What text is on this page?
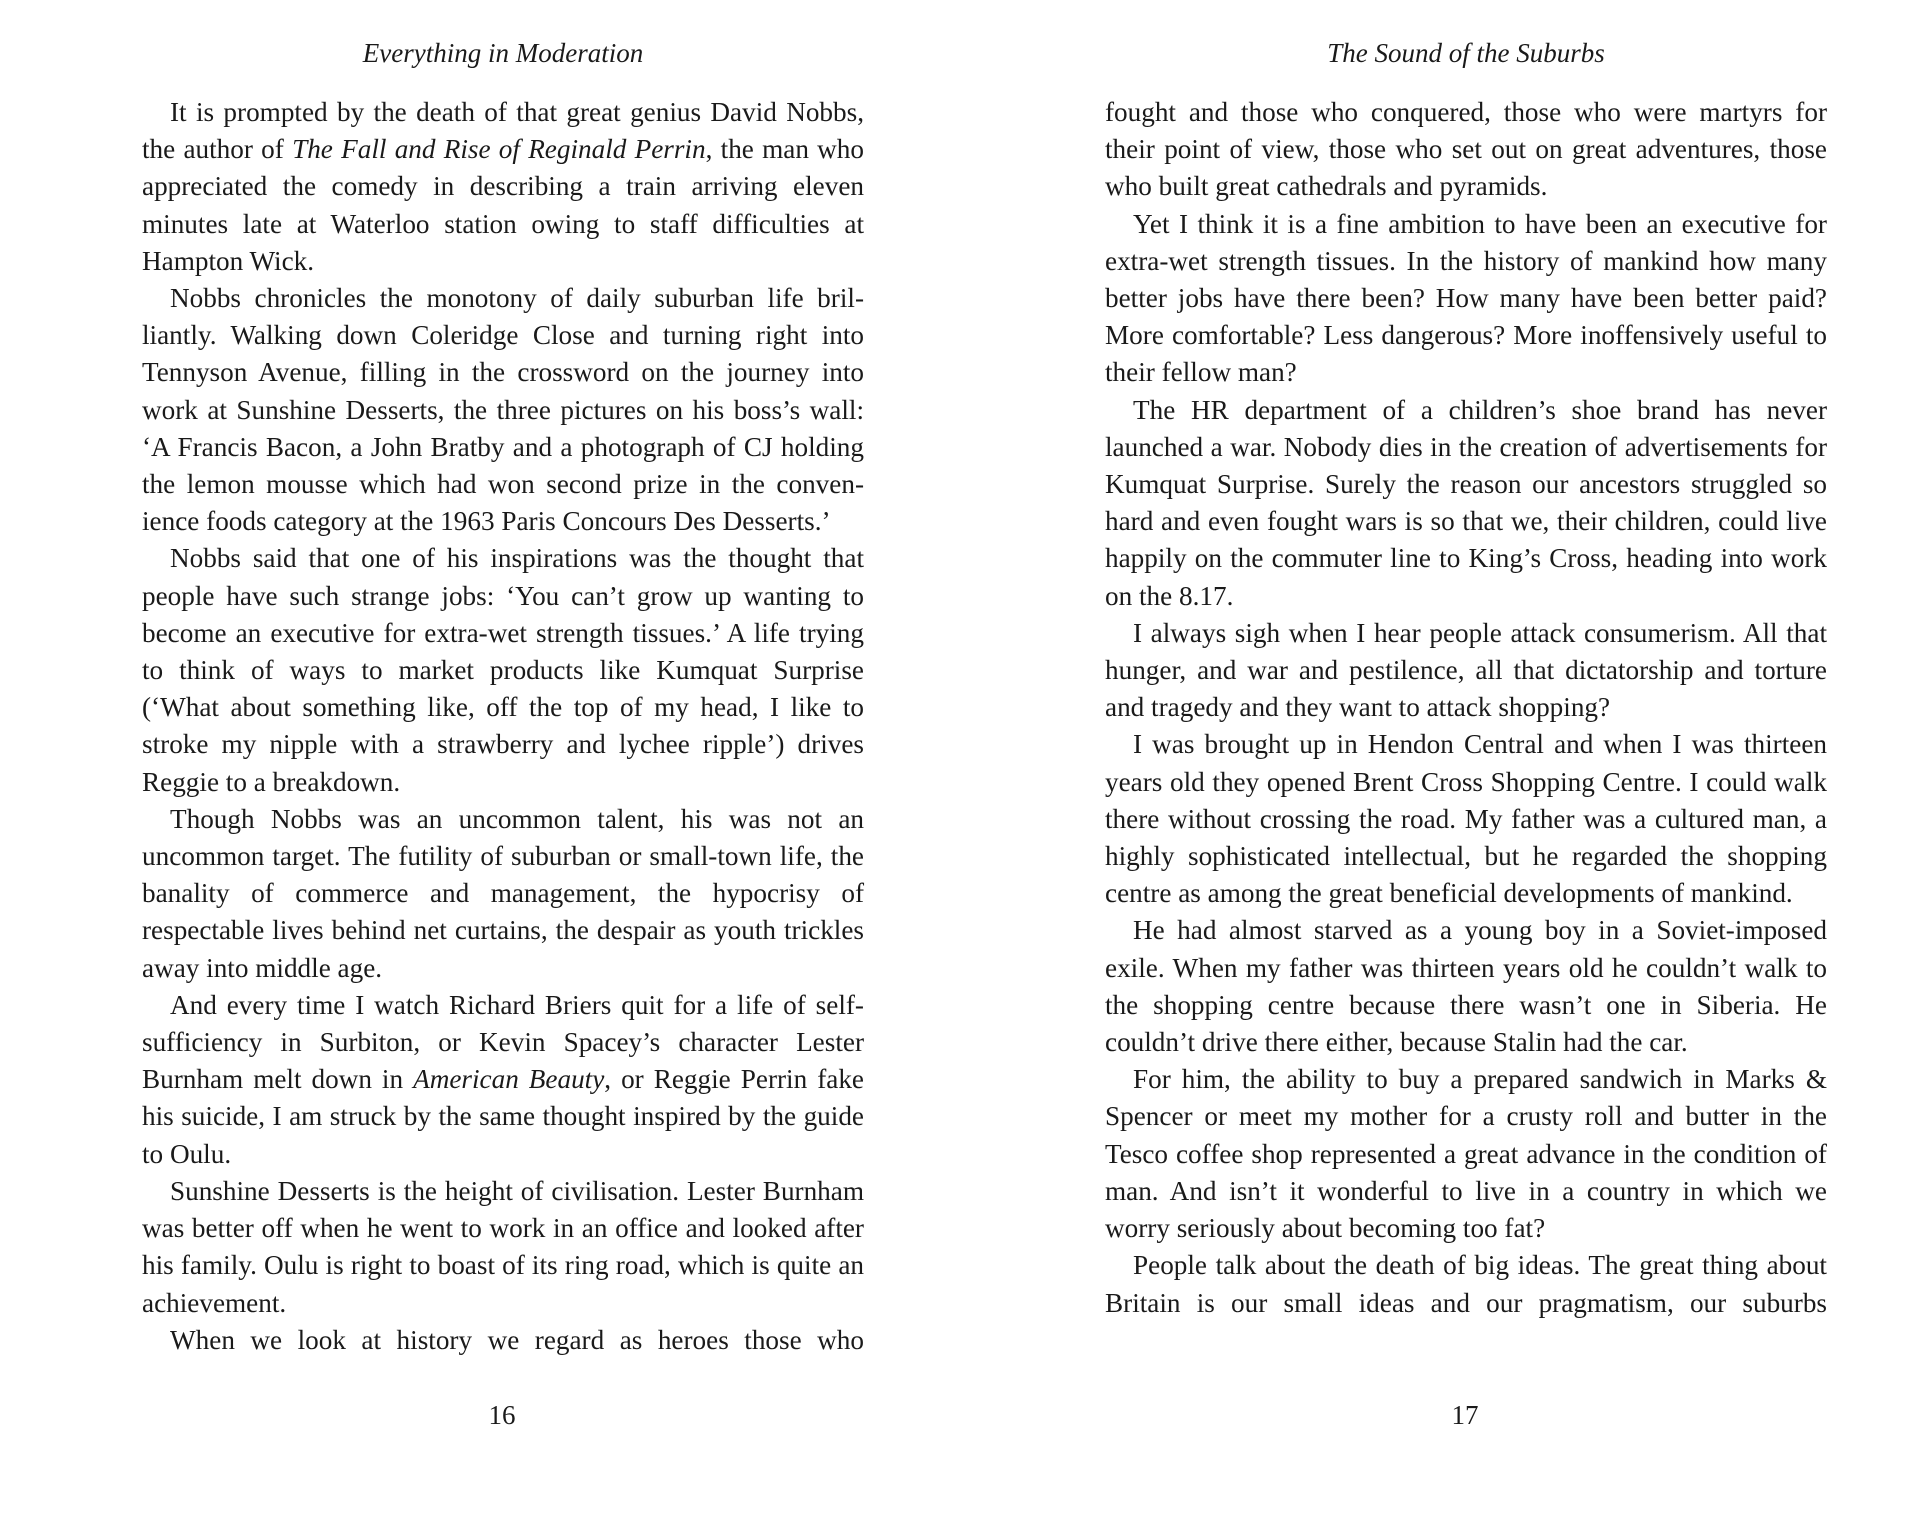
Everything in Moderation

It is prompted by the death of that great genius David Nobbs, the author of The Fall and Rise of Reginald Perrin, the man who appreciated the comedy in describing a train arriving eleven minutes late at Waterloo station owing to staff difficulties at Hampton Wick.

Nobbs chronicles the monotony of daily suburban life brilliantly. Walking down Coleridge Close and turning right into Tennyson Avenue, filling in the crossword on the journey into work at Sunshine Desserts, the three pictures on his boss’s wall: ‘A Francis Bacon, a John Bratby and a photograph of CJ holding the lemon mousse which had won second prize in the convenience foods category at the 1963 Paris Concours Des Desserts.’

Nobbs said that one of his inspirations was the thought that people have such strange jobs: ‘You can’t grow up wanting to become an executive for extra-wet strength tissues.’ A life trying to think of ways to market products like Kumquat Surprise (‘What about something like, off the top of my head, I like to stroke my nipple with a strawberry and lychee ripple’) drives Reggie to a breakdown.

Though Nobbs was an uncommon talent, his was not an uncommon target. The futility of suburban or small-town life, the banality of commerce and management, the hypocrisy of respectable lives behind net curtains, the despair as youth trickles away into middle age.

And every time I watch Richard Briers quit for a life of self-sufficiency in Surbiton, or Kevin Spacey’s character Lester Burnham melt down in American Beauty, or Reggie Perrin fake his suicide, I am struck by the same thought inspired by the guide to Oulu.

Sunshine Desserts is the height of civilisation. Lester Burnham was better off when he went to work in an office and looked after his family. Oulu is right to boast of its ring road, which is quite an achievement.

When we look at history we regard as heroes those who

16
The Sound of the Suburbs

fought and those who conquered, those who were martyrs for their point of view, those who set out on great adventures, those who built great cathedrals and pyramids.

Yet I think it is a fine ambition to have been an executive for extra-wet strength tissues. In the history of mankind how many better jobs have there been? How many have been better paid? More comfortable? Less dangerous? More inoffensively useful to their fellow man?

The HR department of a children’s shoe brand has never launched a war. Nobody dies in the creation of advertisements for Kumquat Surprise. Surely the reason our ancestors struggled so hard and even fought wars is so that we, their children, could live happily on the commuter line to King’s Cross, heading into work on the 8.17.

I always sigh when I hear people attack consumerism. All that hunger, and war and pestilence, all that dictatorship and torture and tragedy and they want to attack shopping?

I was brought up in Hendon Central and when I was thirteen years old they opened Brent Cross Shopping Centre. I could walk there without crossing the road. My father was a cultured man, a highly sophisticated intellectual, but he regarded the shopping centre as among the great beneficial developments of mankind.

He had almost starved as a young boy in a Soviet-imposed exile. When my father was thirteen years old he couldn’t walk to the shopping centre because there wasn’t one in Siberia. He couldn’t drive there either, because Stalin had the car.

For him, the ability to buy a prepared sandwich in Marks & Spencer or meet my mother for a crusty roll and butter in the Tesco coffee shop represented a great advance in the condition of man. And isn’t it wonderful to live in a country in which we worry seriously about becoming too fat?

People talk about the death of big ideas. The great thing about Britain is our small ideas and our pragmatism, our suburbs

17
